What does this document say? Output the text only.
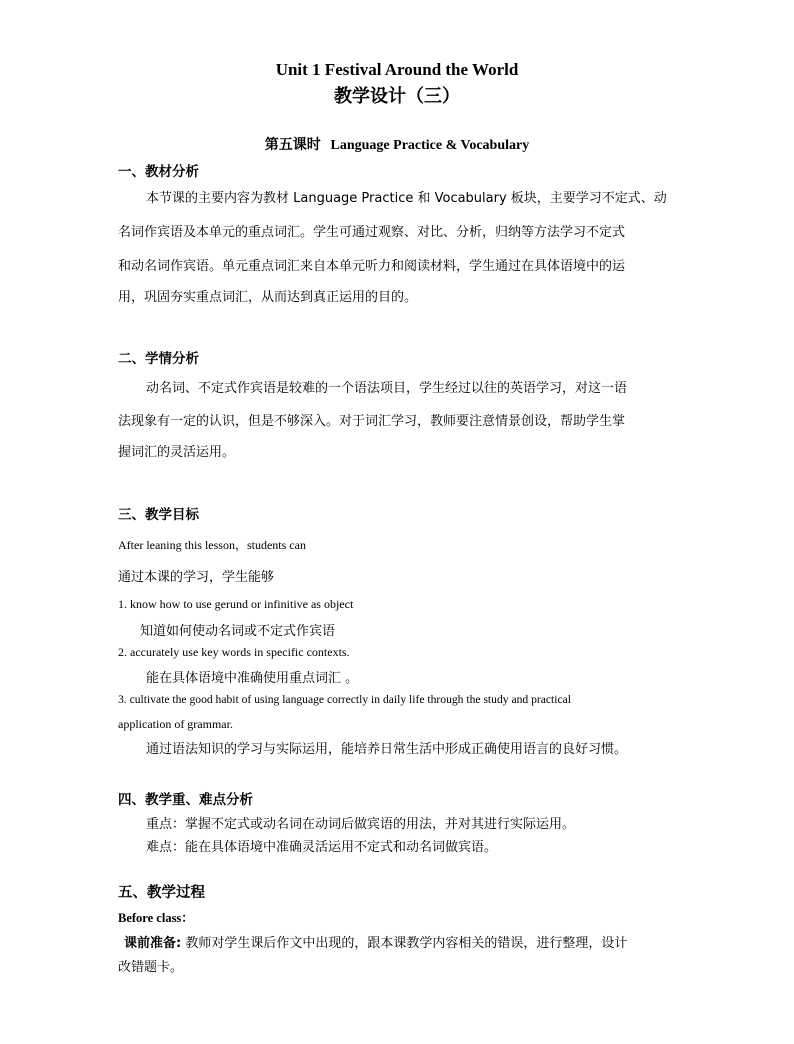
Unit 1 Festival Around the World
教学设计（三）
第五课时 Language Practice & Vocabulary
一、教材分析
本节课的主要内容为教材 Language Practice 和 Vocabulary 板块，主要学习不定式、动
名词作宾语及本单元的重点词汇。学生可通过观察、对比、分析，归纳等方法学习不定式
和动名词作宾语。单元重点词汇来自本单元听力和阅读材料，学生通过在具体语境中的运
用，巩固夯实重点词汇，从而达到真正运用的目的。
二、学情分析
动名词、不定式作宾语是较难的一个语法项目，学生经过以往的英语学习，对这一语
法现象有一定的认识，但是不够深入。对于词汇学习，教师要注意情景创设，帮助学生掌
握词汇的灵活运用。
三、教学目标
After leaning this lesson，students can
通过本课的学习，学生能够
1. know how to use gerund or infinitive as object
知道如何使动名词或不定式作宾语
2. accurately use key words in specific contexts.
能在具体语境中准确使用重点词汇 。
3. cultivate the good habit of using language correctly in daily life through the study and practical
application of grammar.
通过语法知识的学习与实际运用，能培养日常生活中形成正确使用语言的良好习惯。
四、教学重、难点分析
重点：掌握不定式或动名词在动词后做宾语的用法，并对其进行实际运用。
难点：能在具体语境中准确灵活运用不定式和动名词做宾语。
五、教学过程
Before class：
课前准备: 教师对学生课后作文中出现的，跟本课教学内容相关的错误，进行整理，设计
改错题卡。
